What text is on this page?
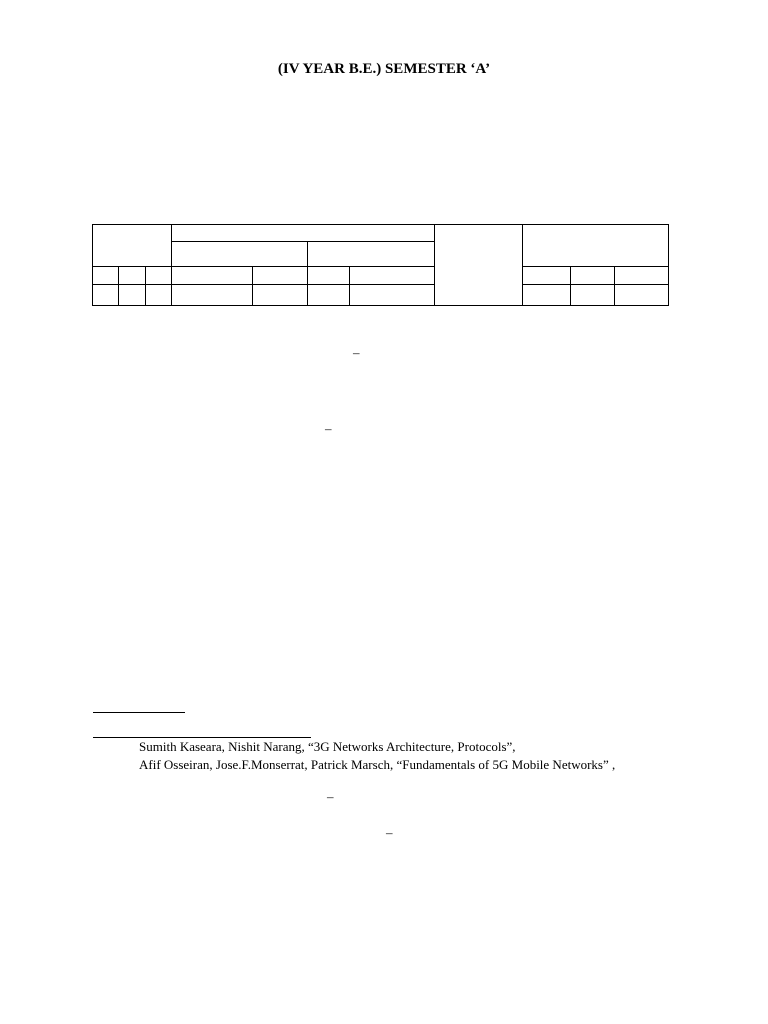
(IV YEAR B.E.) SEMESTER ‘A’

–
–
Sumith Kaseara, Nishit Narang, “3G Networks Architecture, Protocols”,
Afif Osseiran, Jose.F.Monserrat, Patrick Marsch, “Fundamentals of 5G Mobile Networks” ,
–
–
